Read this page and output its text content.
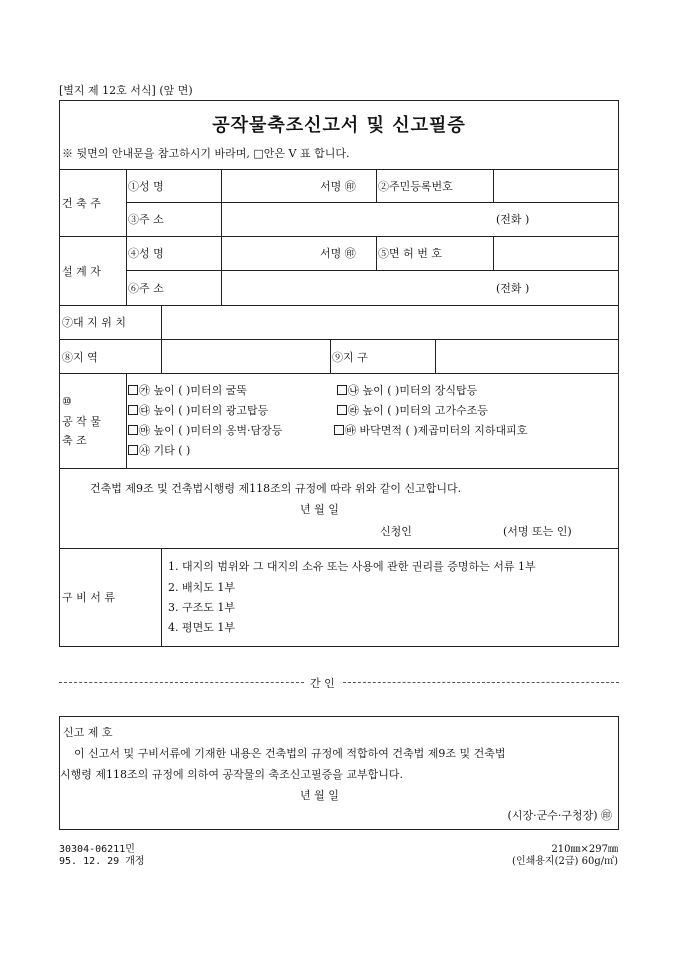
[별지 제 12호 서식] (앞 면)
공작물축조신고서 및 신고필증
※ 뒷면의 안내문을 참고하시기 바라며, □안은 V 표 합니다.
건 축 주
①성 명	서명 ㊞ ②주민등록번호
③주 소	(전화 )
설 계 자
④성 명	서명 ㊞ ⑤면 허 번 호
⑥주 소	(전화 )
⑦대 지 위 치
⑧지 역	⑨지 구
⑩
공 작 물
축 조
㉮ 높이 ( )미터의 굴뚝	㉯ 높이 ( )미터의 장식탑등
㉰ 높이 ( )미터의 광고탑등	㉱ 높이 ( )미터의 고가수조등
㉲ 높이 ( )미터의 옹벽·담장등	㉳ 바닥면적 ( )제곱미터의 지하대피호
㉴ 기타 ( )
건축법 제9조 및 건축법시행령 제118조의 규정에 따라 위와 같이 신고합니다.
년 월 일
신청인	(서명 또는 인)
구 비 서 류
1. 대지의 범위와 그 대지의 소유 또는 사용에 관한 권리를 증명하는 서류 1부
2. 배치도 1부
3. 구조도 1부
4. 평면도 1부
간 인
신고 제 호
이 신고서 및 구비서류에 기재한 내용은 건축법의 규정에 적합하여 건축법 제9조 및 건축법
시행령 제118조의 규정에 의하여 공작물의 축조신고필증을 교부합니다.
년 월 일
(시장·군수·구청장) ㊞
30304-06211민
95. 12. 29 개정
210㎜×297㎜
(인쇄용지(2급) 60g/㎡)
